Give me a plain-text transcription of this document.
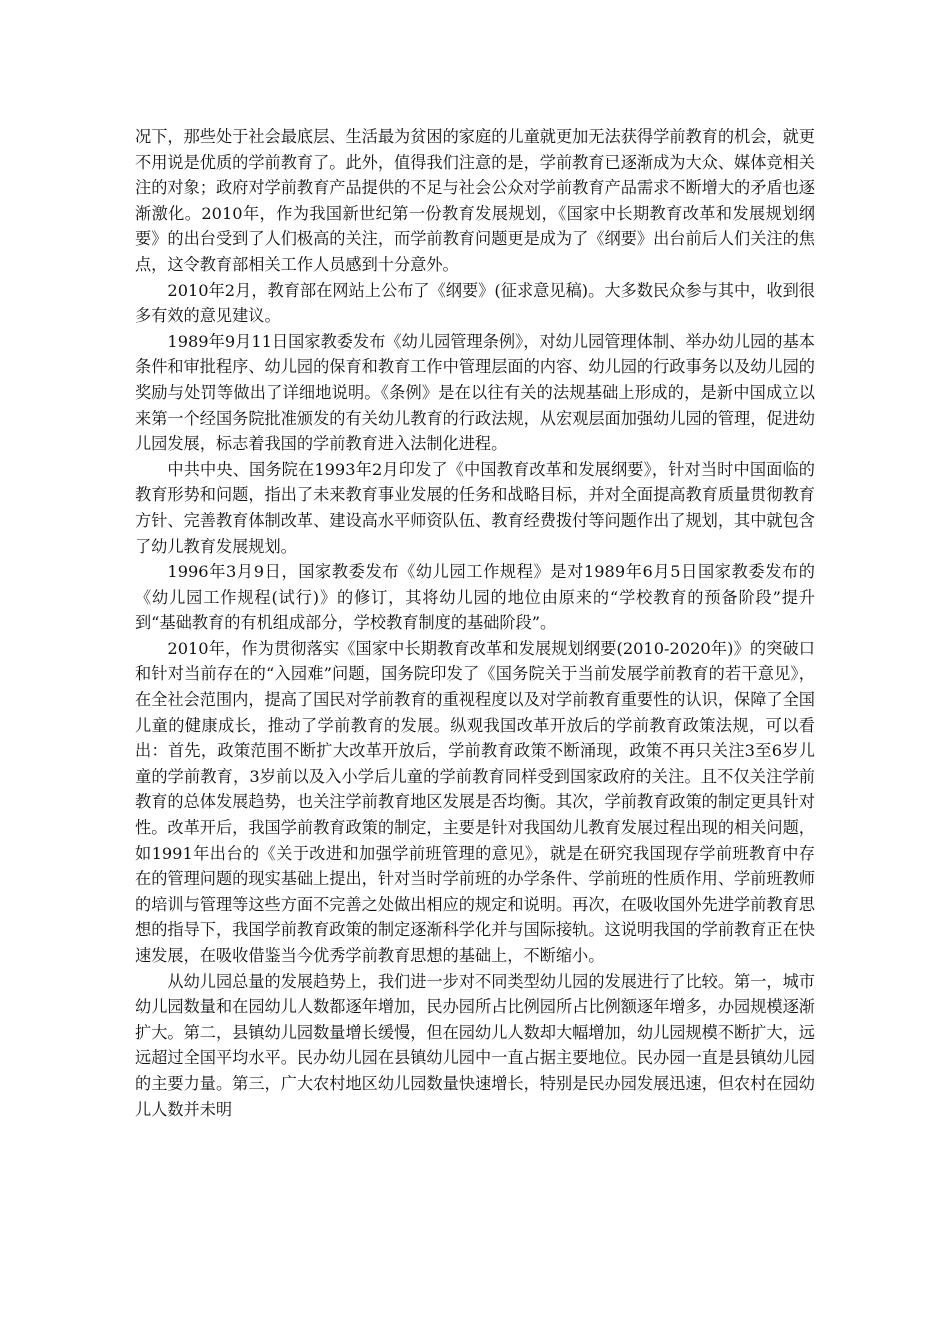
况下，那些处于社会最底层、生活最为贫困的家庭的儿童就更加无法获得学前教育的机会，就更不用说是优质的学前教育了。此外，值得我们注意的是，学前教育已逐渐成为大众、媒体竞相关注的对象；政府对学前教育产品提供的不足与社会公众对学前教育产品需求不断增大的矛盾也逐渐激化。2010年，作为我国新世纪第一份教育发展规划，《国家中长期教育改革和发展规划纲要》的出台受到了人们极高的关注，而学前教育问题更是成为了《纲要》出台前后人们关注的焦点，这令教育部相关工作人员感到十分意外。

2010年2月，教育部在网站上公布了《纲要》(征求意见稿)。大多数民众参与其中，收到很多有效的意见建议。

1989年9月11日国家教委发布《幼儿园管理条例》，对幼儿园管理体制、举办幼儿园的基本条件和审批程序、幼儿园的保育和教育工作中管理层面的内容、幼儿园的行政事务以及幼儿园的奖励与处罚等做出了详细地说明。《条例》是在以往有关的法规基础上形成的，是新中国成立以来第一个经国务院批准颁发的有关幼儿教育的行政法规，从宏观层面加强幼儿园的管理，促进幼儿园发展，标志着我国的学前教育进入法制化进程。

中共中央、国务院在1993年2月印发了《中国教育改革和发展纲要》，针对当时中国面临的教育形势和问题，指出了未来教育事业发展的任务和战略目标，并对全面提高教育质量贯彻教育方针、完善教育体制改革、建设高水平师资队伍、教育经费拨付等问题作出了规划，其中就包含了幼儿教育发展规划。

1996年3月9日，国家教委发布《幼儿园工作规程》是对1989年6月5日国家教委发布的《幼儿园工作规程(试行)》的修订，其将幼儿园的地位由原来的“学校教育的预备阶段”提升到“基础教育的有机组成部分，学校教育制度的基础阶段”。

2010年，作为贯彻落实《国家中长期教育改革和发展规划纲要(2010-2020年)》的突破口和针对当前存在的“入园难”问题，国务院印发了《国务院关于当前发展学前教育的若干意见》，在全社会范围内，提高了国民对学前教育的重视程度以及对学前教育重要性的认识，保障了全国儿童的健康成长，推动了学前教育的发展。纵观我国改革开放后的学前教育政策法规，可以看出：首先，政策范围不断扩大改革开放后，学前教育政策不断涌现，政策不再只关注3至6岁儿童的学前教育，3岁前以及入小学后儿童的学前教育同样受到国家政府的关注。且不仅关注学前教育的总体发展趋势，也关注学前教育地区发展是否均衡。其次，学前教育政策的制定更具针对性。改革开后，我国学前教育政策的制定，主要是针对我国幼儿教育发展过程出现的相关问题，如1991年出台的《关于改进和加强学前班管理的意见》，就是在研究我国现存学前班教育中存在的管理问题的现实基础上提出，针对当时学前班的办学条件、学前班的性质作用、学前班教师的培训与管理等这些方面不完善之处做出相应的规定和说明。再次，在吸收国外先进学前教育思想的指导下，我国学前教育政策的制定逐渐科学化并与国际接轨。这说明我国的学前教育正在快速发展，在吸收借鉴当今优秀学前教育思想的基础上，不断缩小。

从幼儿园总量的发展趋势上，我们进一步对不同类型幼儿园的发展进行了比较。第一，城市幼儿园数量和在园幼儿人数都逐年增加，民办园所占比例园所占比例额逐年增多，办园规模逐渐扩大。第二，县镇幼儿园数量增长缓慢，但在园幼儿人数却大幅增加，幼儿园规模不断扩大，远远超过全国平均水平。民办幼儿园在县镇幼儿园中一直占据主要地位。民办园一直是县镇幼儿园的主要力量。第三，广大农村地区幼儿园数量快速增长，特别是民办园发展迅速，但农村在园幼儿人数并未明
